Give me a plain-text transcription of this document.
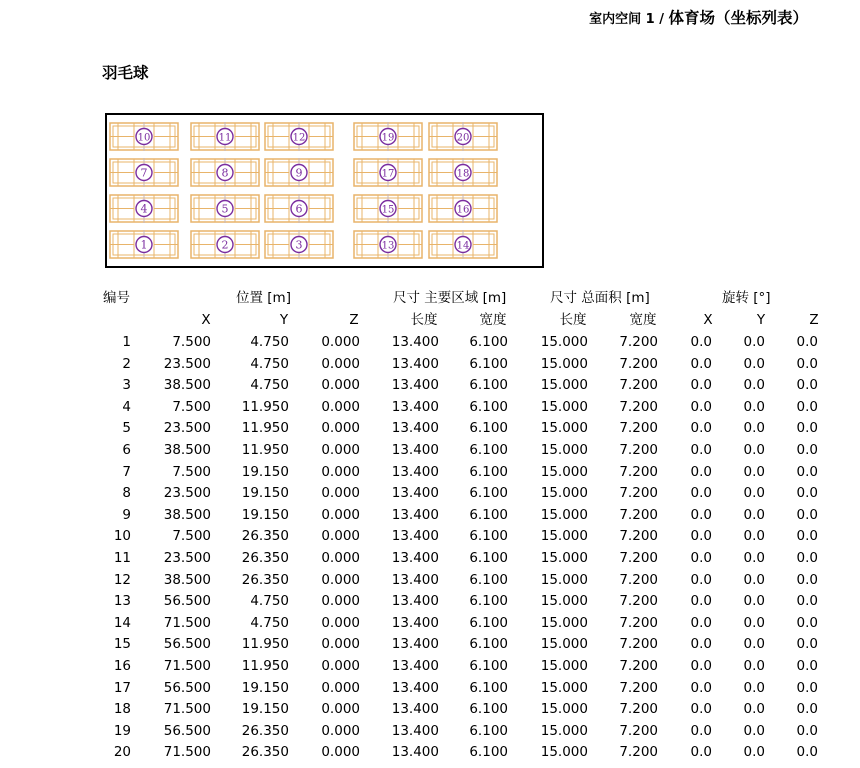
室内空间 1 / 体育场（坐标列表）
羽毛球
10	11	12	19	20
7	8	9	17	18
4	5	6	15	16
1	2	3	13	14
编号	位置 [m]	尺寸 主要区域 [m]	尺寸 总面积 [m]	旋转 [°]
X	Y	Z	长度	宽度	长度	宽度	X	Y	Z
1	7.500	4.750	0.000	13.400	6.100	15.000	7.200	0.0	0.0	0.0
2	23.500	4.750	0.000	13.400	6.100	15.000	7.200	0.0	0.0	0.0
3	38.500	4.750	0.000	13.400	6.100	15.000	7.200	0.0	0.0	0.0
4	7.500	11.950	0.000	13.400	6.100	15.000	7.200	0.0	0.0	0.0
5	23.500	11.950	0.000	13.400	6.100	15.000	7.200	0.0	0.0	0.0
6	38.500	11.950	0.000	13.400	6.100	15.000	7.200	0.0	0.0	0.0
7	7.500	19.150	0.000	13.400	6.100	15.000	7.200	0.0	0.0	0.0
8	23.500	19.150	0.000	13.400	6.100	15.000	7.200	0.0	0.0	0.0
9	38.500	19.150	0.000	13.400	6.100	15.000	7.200	0.0	0.0	0.0
10	7.500	26.350	0.000	13.400	6.100	15.000	7.200	0.0	0.0	0.0
11	23.500	26.350	0.000	13.400	6.100	15.000	7.200	0.0	0.0	0.0
12	38.500	26.350	0.000	13.400	6.100	15.000	7.200	0.0	0.0	0.0
13	56.500	4.750	0.000	13.400	6.100	15.000	7.200	0.0	0.0	0.0
14	71.500	4.750	0.000	13.400	6.100	15.000	7.200	0.0	0.0	0.0
15	56.500	11.950	0.000	13.400	6.100	15.000	7.200	0.0	0.0	0.0
16	71.500	11.950	0.000	13.400	6.100	15.000	7.200	0.0	0.0	0.0
17	56.500	19.150	0.000	13.400	6.100	15.000	7.200	0.0	0.0	0.0
18	71.500	19.150	0.000	13.400	6.100	15.000	7.200	0.0	0.0	0.0
19	56.500	26.350	0.000	13.400	6.100	15.000	7.200	0.0	0.0	0.0
20	71.500	26.350	0.000	13.400	6.100	15.000	7.200	0.0	0.0	0.0
